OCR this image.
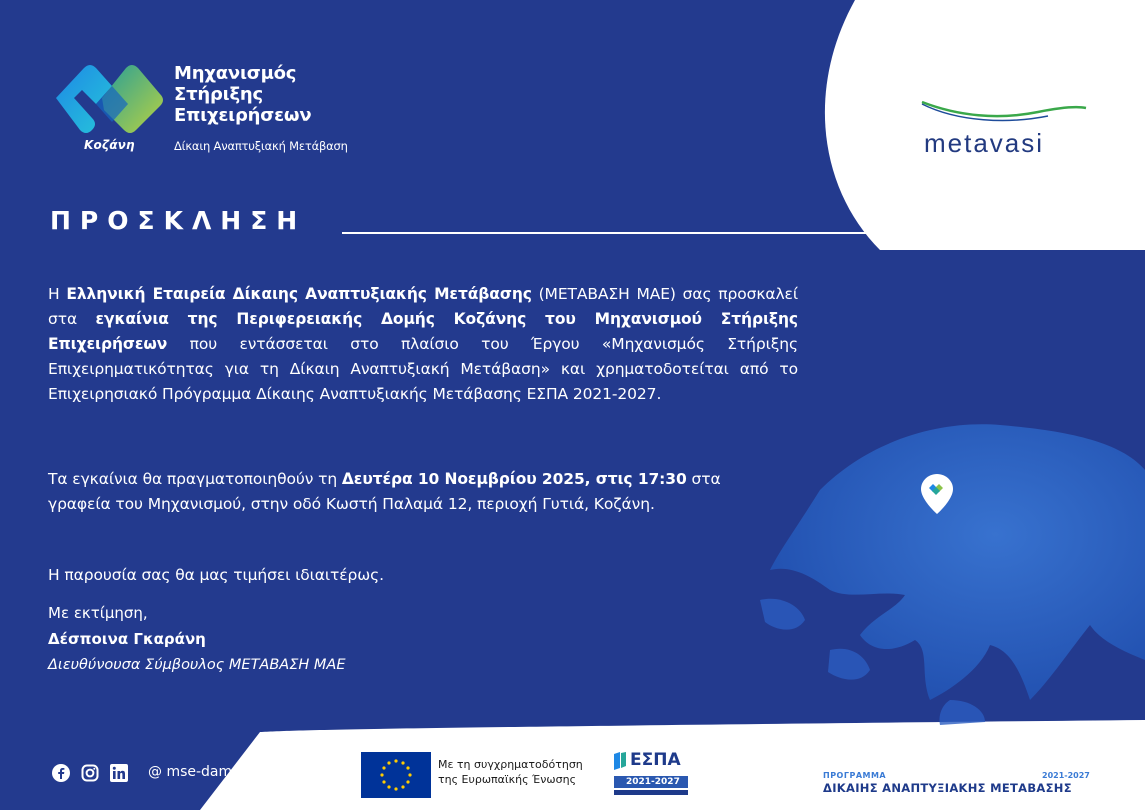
Μηχανισμός
Στήριξης
Επιχειρήσεων
Κοζάνη	Δίκαιη Αναπτυξιακή Μετάβαση	metavasi
ΠΡΟΣΚΛΗΣΗ
Η Ελληνική Εταιρεία Δίκαιης Αναπτυξιακής Μετάβασης (ΜΕΤΑΒΑΣΗ ΜΑΕ) σας προσκαλεί στα εγκαίνια της Περιφερειακής Δομής Κοζάνης του Μηχανισμού Στήριξης Επιχειρήσεων που εντάσσεται στο πλαίσιο του Έργου «Μηχανισμός Στήριξης Επιχειρηματικότητας για τη Δίκαιη Αναπτυξιακή Μετάβαση» και χρηματοδοτείται από το Επιχειρησιακό Πρόγραμμα Δίκαιης Αναπτυξιακής Μετάβασης ΕΣΠΑ 2021-2027.
Τα εγκαίνια θα πραγματοποιηθούν τη Δευτέρα 10 Νοεμβρίου 2025, στις 17:30 στα γραφεία του Μηχανισμού, στην οδό Κωστή Παλαμά 12, περιοχή Γυτιά, Κοζάνη.
Η παρουσία σας θα μας τιμήσει ιδιαιτέρως.
Με εκτίμηση,
Δέσποινα Γκαράνη
Διευθύνουσα Σύμβουλος ΜΕΤΑΒΑΣΗ ΜΑΕ

@ mse-dam.gr	Με τη συγχρηματοδότηση
της Ευρωπαϊκής Ένωσης
ΕΣΠΑ
2021-2027
ΠΡΟΓΡΑΜΜΑ	2021-2027
ΔΙΚΑΙΗΣ ΑΝΑΠΤΥΞΙΑΚΗΣ ΜΕΤΑΒΑΣΗΣ
